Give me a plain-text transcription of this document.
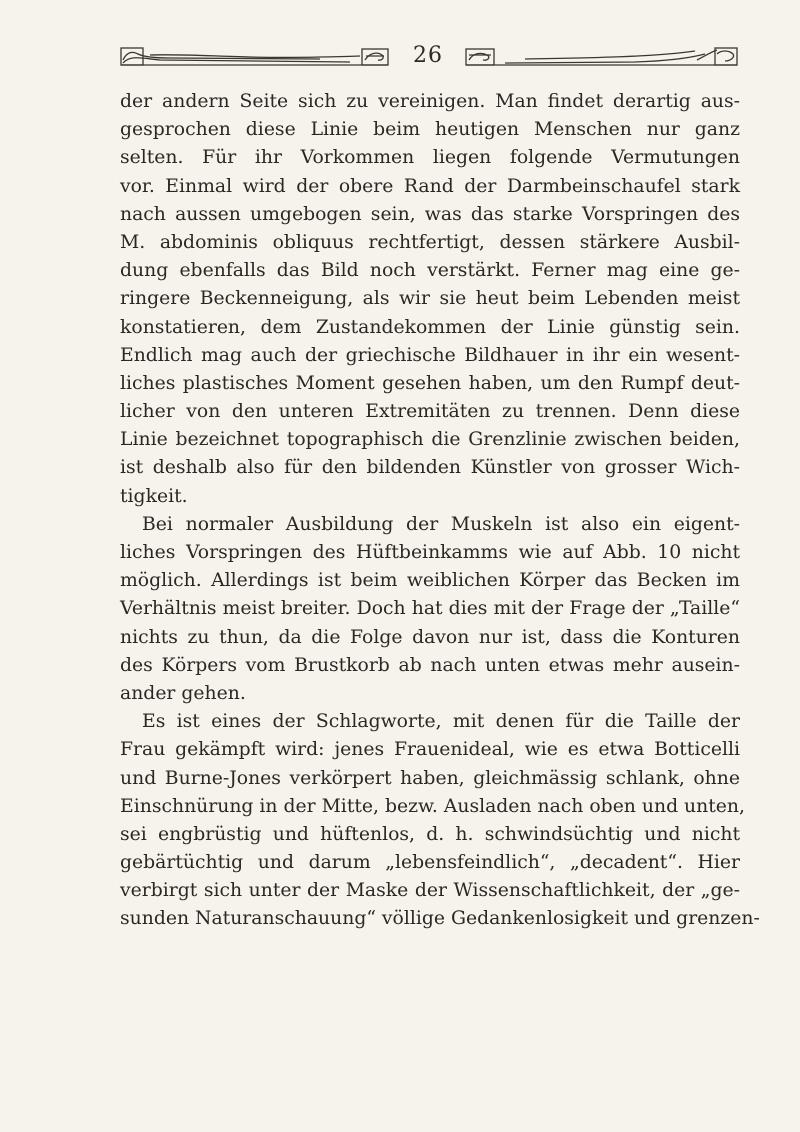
26
der andern Seite sich zu vereinigen. Man findet derartig aus-
gesprochen diese Linie beim heutigen Menschen nur ganz
selten. Für ihr Vorkommen liegen folgende Vermutungen
vor. Einmal wird der obere Rand der Darmbeinschaufel stark
nach aussen umgebogen sein, was das starke Vorspringen des
M. abdominis obliquus rechtfertigt, dessen stärkere Ausbil-
dung ebenfalls das Bild noch verstärkt. Ferner mag eine ge-
ringere Beckenneigung, als wir sie heut beim Lebenden meist
konstatieren, dem Zustandekommen der Linie günstig sein.
Endlich mag auch der griechische Bildhauer in ihr ein wesent-
liches plastisches Moment gesehen haben, um den Rumpf deut-
licher von den unteren Extremitäten zu trennen. Denn diese
Linie bezeichnet topographisch die Grenzlinie zwischen beiden,
ist deshalb also für den bildenden Künstler von grosser Wich-
tigkeit.
Bei normaler Ausbildung der Muskeln ist also ein eigent-
liches Vorspringen des Hüftbeinkamms wie auf Abb. 10 nicht
möglich. Allerdings ist beim weiblichen Körper das Becken im
Verhältnis meist breiter. Doch hat dies mit der Frage der „Taille“
nichts zu thun, da die Folge davon nur ist, dass die Konturen
des Körpers vom Brustkorb ab nach unten etwas mehr ausein-
ander gehen.
Es ist eines der Schlagworte, mit denen für die Taille der
Frau gekämpft wird: jenes Frauenideal, wie es etwa Botticelli
und Burne-Jones verkörpert haben, gleichmässig schlank, ohne
Einschnürung in der Mitte, bezw. Ausladen nach oben und unten,
sei engbrüstig und hüftenlos, d. h. schwindsüchtig und nicht
gebärtüchtig und darum „lebensfeindlich“, „decadent“. Hier
verbirgt sich unter der Maske der Wissenschaftlichkeit, der „ge-
sunden Naturanschauung“ völlige Gedankenlosigkeit und grenzen-
